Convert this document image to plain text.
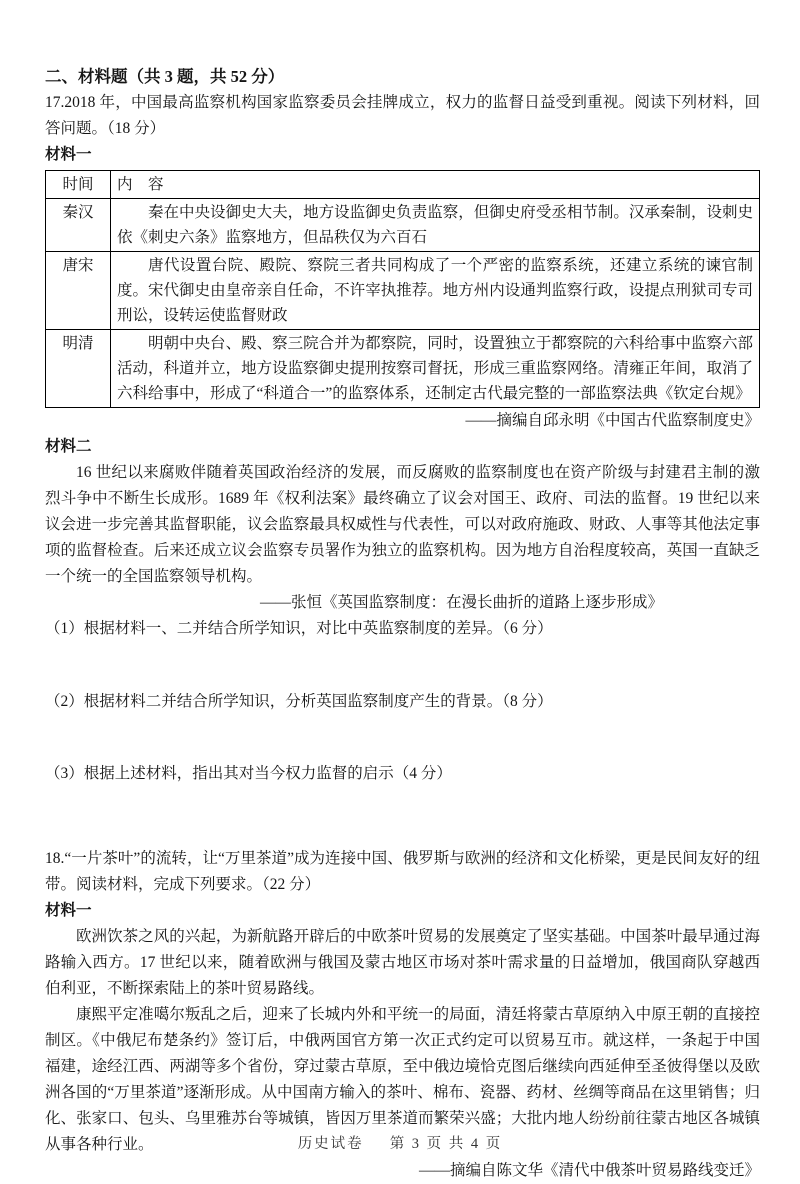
二、材料题（共 3 题，共 52 分）

17.2018 年，中国最高监察机构国家监察委员会挂牌成立，权力的监督日益受到重视。阅读下列材料，回答问题。（18 分）

材料一

时间	内　容
秦汉	秦在中央设御史大夫，地方设监御史负责监察，但御史府受丞相节制。汉承秦制，设刺史依《刺史六条》监察地方，但品秩仅为六百石
唐宋	唐代设置台院、殿院、察院三者共同构成了一个严密的监察系统，还建立系统的谏官制度。宋代御史由皇帝亲自任命，不许宰执推荐。地方州内设通判监察行政，设提点刑狱司专司刑讼，设转运使监督财政
明清	明朝中央台、殿、察三院合并为都察院，同时，设置独立于都察院的六科给事中监察六部活动，科道并立，地方设监察御史提刑按察司督抚，形成三重监察网络。清雍正年间，取消了六科给事中，形成了“科道合一”的监察体系，还制定古代最完整的一部监察法典《钦定台规》

——摘编自邱永明《中国古代监察制度史》

材料二

16 世纪以来腐败伴随着英国政治经济的发展，而反腐败的监察制度也在资产阶级与封建君主制的激烈斗争中不断生长成形。1689 年《权利法案》最终确立了议会对国王、政府、司法的监督。19 世纪以来议会进一步完善其监督职能，议会监察最具权威性与代表性，可以对政府施政、财政、人事等其他法定事项的监督检查。后来还成立议会监察专员署作为独立的监察机构。因为地方自治程度较高，英国一直缺乏一个统一的全国监察领导机构。

——张恒《英国监察制度：在漫长曲折的道路上逐步形成》

（1）根据材料一、二并结合所学知识，对比中英监察制度的差异。（6 分）

（2）根据材料二并结合所学知识，分析英国监察制度产生的背景。（8 分）

（3）根据上述材料，指出其对当今权力监督的启示（4 分）

18.“一片茶叶”的流转，让“万里茶道”成为连接中国、俄罗斯与欧洲的经济和文化桥梁，更是民间友好的纽带。阅读材料，完成下列要求。（22 分）

材料一

欧洲饮茶之风的兴起，为新航路开辟后的中欧茶叶贸易的发展奠定了坚实基础。中国茶叶最早通过海路输入西方。17 世纪以来，随着欧洲与俄国及蒙古地区市场对茶叶需求量的日益增加，俄国商队穿越西伯利亚，不断探索陆上的茶叶贸易路线。

康熙平定准噶尔叛乱之后，迎来了长城内外和平统一的局面，清廷将蒙古草原纳入中原王朝的直接控制区。《中俄尼布楚条约》签订后，中俄两国官方第一次正式约定可以贸易互市。就这样，一条起于中国福建，途经江西、两湖等多个省份，穿过蒙古草原，至中俄边境恰克图后继续向西延伸至圣彼得堡以及欧洲各国的“万里茶道”逐渐形成。从中国南方输入的茶叶、棉布、瓷器、药材、丝绸等商品在这里销售；归化、张家口、包头、乌里雅苏台等城镇，皆因万里茶道而繁荣兴盛；大批内地人纷纷前往蒙古地区各城镇从事各种行业。

——摘编自陈文华《清代中俄茶叶贸易路线变迁》

历史试卷 第 3 页 共 4 页
